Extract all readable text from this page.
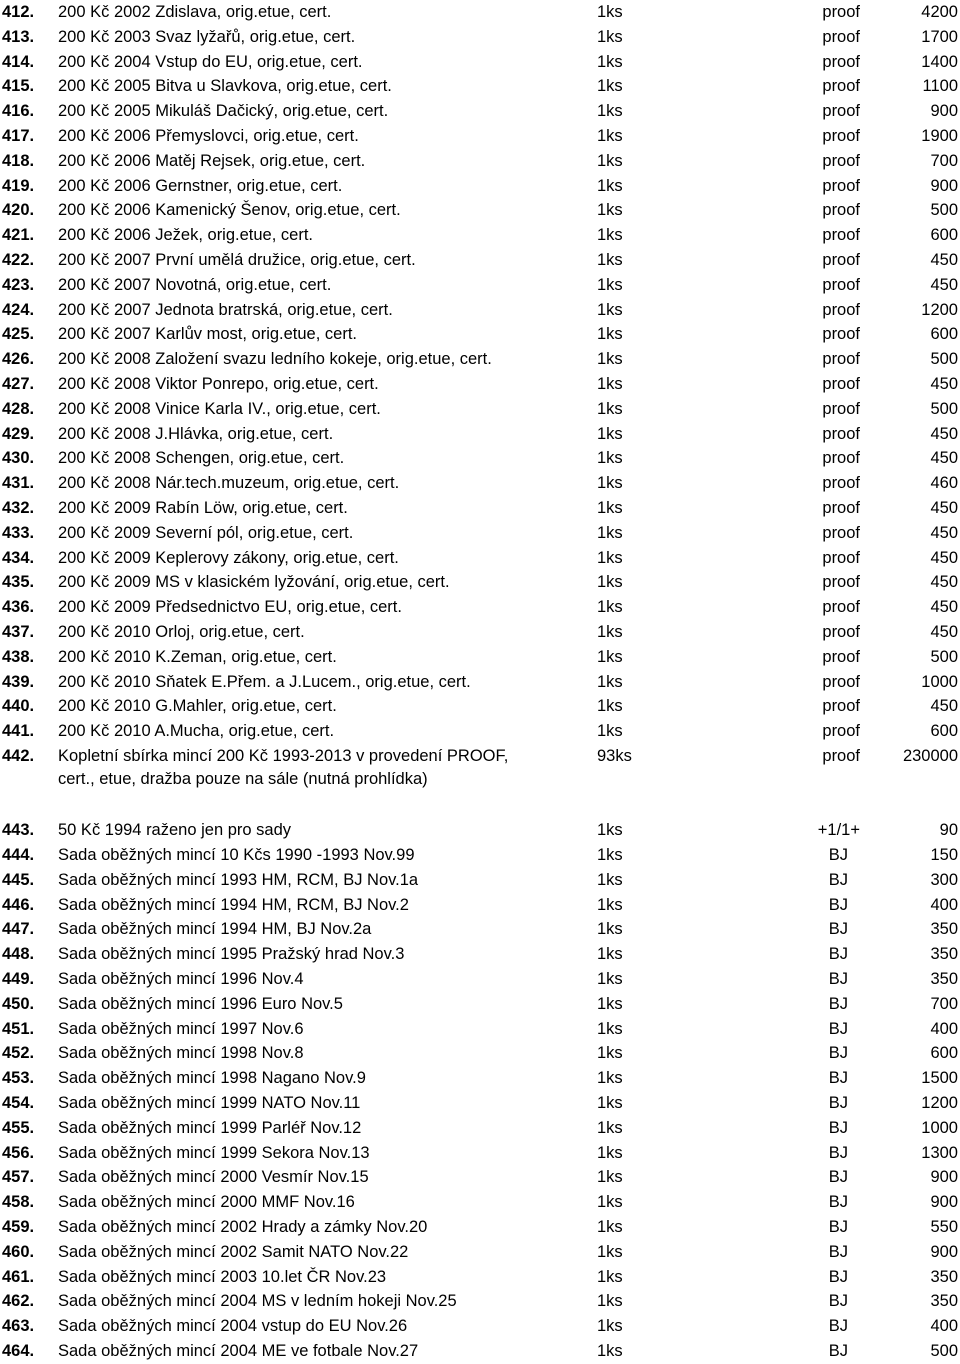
412. 200 Kč 2002 Zdislava, orig.etue, cert.	1ks	proof	4200
413. 200 Kč 2003 Svaz lyžařů, orig.etue, cert.	1ks	proof	1700
414. 200 Kč 2004 Vstup do EU, orig.etue, cert.	1ks	proof	1400
415. 200 Kč 2005 Bitva u Slavkova, orig.etue, cert.	1ks	proof	1100
416. 200 Kč 2005 Mikuláš Dačický, orig.etue, cert.	1ks	proof	900
417. 200 Kč 2006 Přemyslovci, orig.etue, cert.	1ks	proof	1900
418. 200 Kč 2006 Matěj Rejsek, orig.etue, cert.	1ks	proof	700
419. 200 Kč 2006 Gernstner, orig.etue, cert.	1ks	proof	900
420. 200 Kč 2006 Kamenický Šenov, orig.etue, cert.	1ks	proof	500
421. 200 Kč 2006 Ježek, orig.etue, cert.	1ks	proof	600
422. 200 Kč 2007 První umělá družice, orig.etue, cert.	1ks	proof	450
423. 200 Kč 2007 Novotná, orig.etue, cert.	1ks	proof	450
424. 200 Kč 2007 Jednota bratrská, orig.etue, cert.	1ks	proof	1200
425. 200 Kč 2007 Karlův most, orig.etue, cert.	1ks	proof	600
426. 200 Kč 2008 Založení svazu ledního kokeje, orig.etue, cert.	1ks	proof	500
427. 200 Kč 2008 Viktor Ponrepo, orig.etue, cert.	1ks	proof	450
428. 200 Kč 2008 Vinice Karla IV., orig.etue, cert.	1ks	proof	500
429. 200 Kč 2008 J.Hlávka, orig.etue, cert.	1ks	proof	450
430. 200 Kč 2008 Schengen, orig.etue, cert.	1ks	proof	450
431. 200 Kč 2008 Nár.tech.muzeum, orig.etue, cert.	1ks	proof	460
432. 200 Kč 2009 Rabín Löw, orig.etue, cert.	1ks	proof	450
433. 200 Kč 2009 Severní pól, orig.etue, cert.	1ks	proof	450
434. 200 Kč 2009 Keplerovy zákony, orig.etue, cert.	1ks	proof	450
435. 200 Kč 2009 MS v klasickém lyžování, orig.etue, cert.	1ks	proof	450
436. 200 Kč 2009 Předsednictvo EU, orig.etue, cert.	1ks	proof	450
437. 200 Kč 2010 Orloj, orig.etue, cert.	1ks	proof	450
438. 200 Kč 2010 K.Zeman, orig.etue, cert.	1ks	proof	500
439. 200 Kč 2010 Sňatek E.Přem. a J.Lucem., orig.etue, cert.	1ks	proof	1000
440. 200 Kč 2010 G.Mahler, orig.etue, cert.	1ks	proof	450
441. 200 Kč 2010 A.Mucha, orig.etue, cert.	1ks	proof	600
442. Kopletní sbírka mincí 200 Kč 1993-2013 v provedení PROOF, cert., etue, dražba pouze na sále (nutná prohlídka)
93ks	proof	230000
443. 50 Kč 1994 raženo jen pro sady	1ks	+1/1+	90
444. Sada oběžných mincí 10 Kčs 1990 -1993 Nov.99	1ks	BJ	150
445. Sada oběžných mincí 1993 HM, RCM, BJ Nov.1a	1ks	BJ	300
446. Sada oběžných mincí 1994 HM, RCM, BJ Nov.2	1ks	BJ	400
447. Sada oběžných mincí 1994 HM, BJ Nov.2a	1ks	BJ	350
448. Sada oběžných mincí 1995 Pražský hrad Nov.3	1ks	BJ	350
449. Sada oběžných mincí 1996 Nov.4	1ks	BJ	350
450. Sada oběžných mincí 1996 Euro Nov.5	1ks	BJ	700
451. Sada oběžných mincí 1997 Nov.6	1ks	BJ	400
452. Sada oběžných mincí 1998 Nov.8	1ks	BJ	600
453. Sada oběžných mincí 1998 Nagano Nov.9	1ks	BJ	1500
454. Sada oběžných mincí 1999 NATO Nov.11	1ks	BJ	1200
455. Sada oběžných mincí 1999 Parléř Nov.12	1ks	BJ	1000
456. Sada oběžných mincí 1999 Sekora Nov.13	1ks	BJ	1300
457. Sada oběžných mincí 2000 Vesmír Nov.15	1ks	BJ	900
458. Sada oběžných mincí 2000 MMF Nov.16	1ks	BJ	900
459. Sada oběžných mincí 2002 Hrady a zámky Nov.20	1ks	BJ	550
460. Sada oběžných mincí 2002 Samit NATO Nov.22	1ks	BJ	900
461. Sada oběžných mincí 2003 10.let ČR Nov.23	1ks	BJ	350
462. Sada oběžných mincí 2004 MS v ledním hokeji Nov.25	1ks	BJ	350
463. Sada oběžných mincí 2004 vstup do EU Nov.26	1ks	BJ	400
464. Sada oběžných mincí 2004 ME ve fotbale Nov.27	1ks	BJ	500
